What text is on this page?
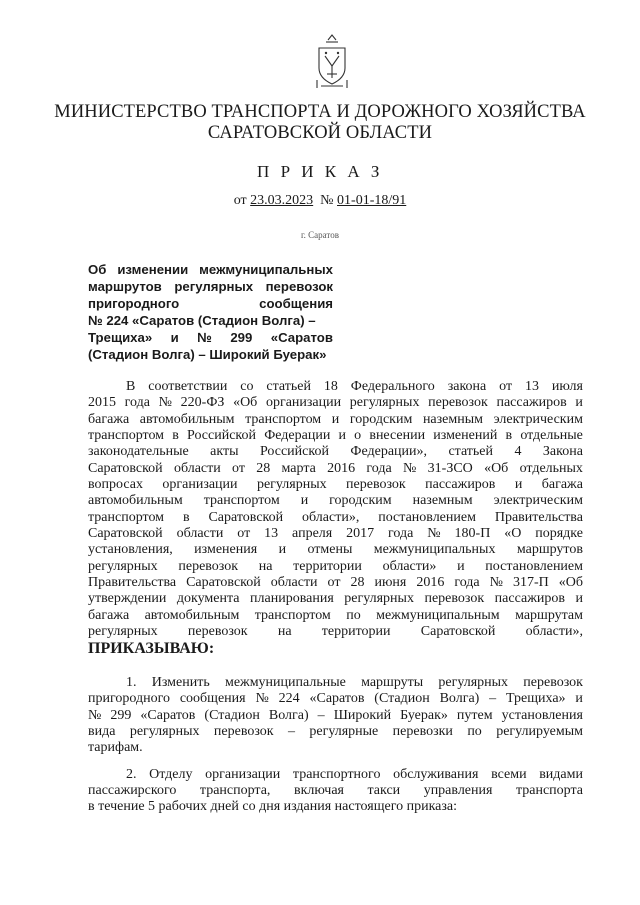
МИНИСТЕРСТВО ТРАНСПОРТА И ДОРОЖНОГО ХОЗЯЙСТВА
САРАТОВСКОЙ ОБЛАСТИ
П Р И К А З
от 23.03.2023 № 01-01-18/91
г. Саратов
Об изменении межмуниципальных
маршрутов регулярных перевозок
пригородного	сообщения
№ 224 «Саратов (Стадион Волга) –
Трещиха» и № 299 «Саратов
(Стадион Волга) – Широкий Буерак»
В соответствии со статьей 18 Федерального закона от 13 июля
2015 года № 220-ФЗ «Об организации регулярных перевозок пассажиров и
багажа автомобильным транспортом и городским наземным электрическим
транспортом в Российской Федерации и о внесении изменений в отдельные
законодательные акты Российской Федерации», статьей 4 Закона
Саратовской области от 28 марта 2016 года № 31-ЗСО «Об отдельных
вопросах организации регулярных перевозок пассажиров и багажа
автомобильным транспортом и городским наземным электрическим
транспортом в Саратовской области», постановлением Правительства
Саратовской области от 13 апреля 2017 года № 180-П «О порядке
установления, изменения и отмены межмуниципальных маршрутов
регулярных перевозок на территории области» и постановлением
Правительства Саратовской области от 28 июня 2016 года № 317-П «Об
утверждении документа планирования регулярных перевозок пассажиров и
багажа автомобильным транспортом по межмуниципальным маршрутам
регулярных перевозок на территории Саратовской области»,
ПРИКАЗЫВАЮ:
1. Изменить межмуниципальные маршруты регулярных перевозок
пригородного сообщения № 224 «Саратов (Стадион Волга) – Трещиха» и
№ 299 «Саратов (Стадион Волга) – Широкий Буерак» путем установления
вида регулярных перевозок – регулярные перевозки по регулируемым
тарифам.
2. Отделу организации транспортного обслуживания всеми видами
пассажирского транспорта, включая такси управления транспорта
в течение 5 рабочих дней со дня издания настоящего приказа:
